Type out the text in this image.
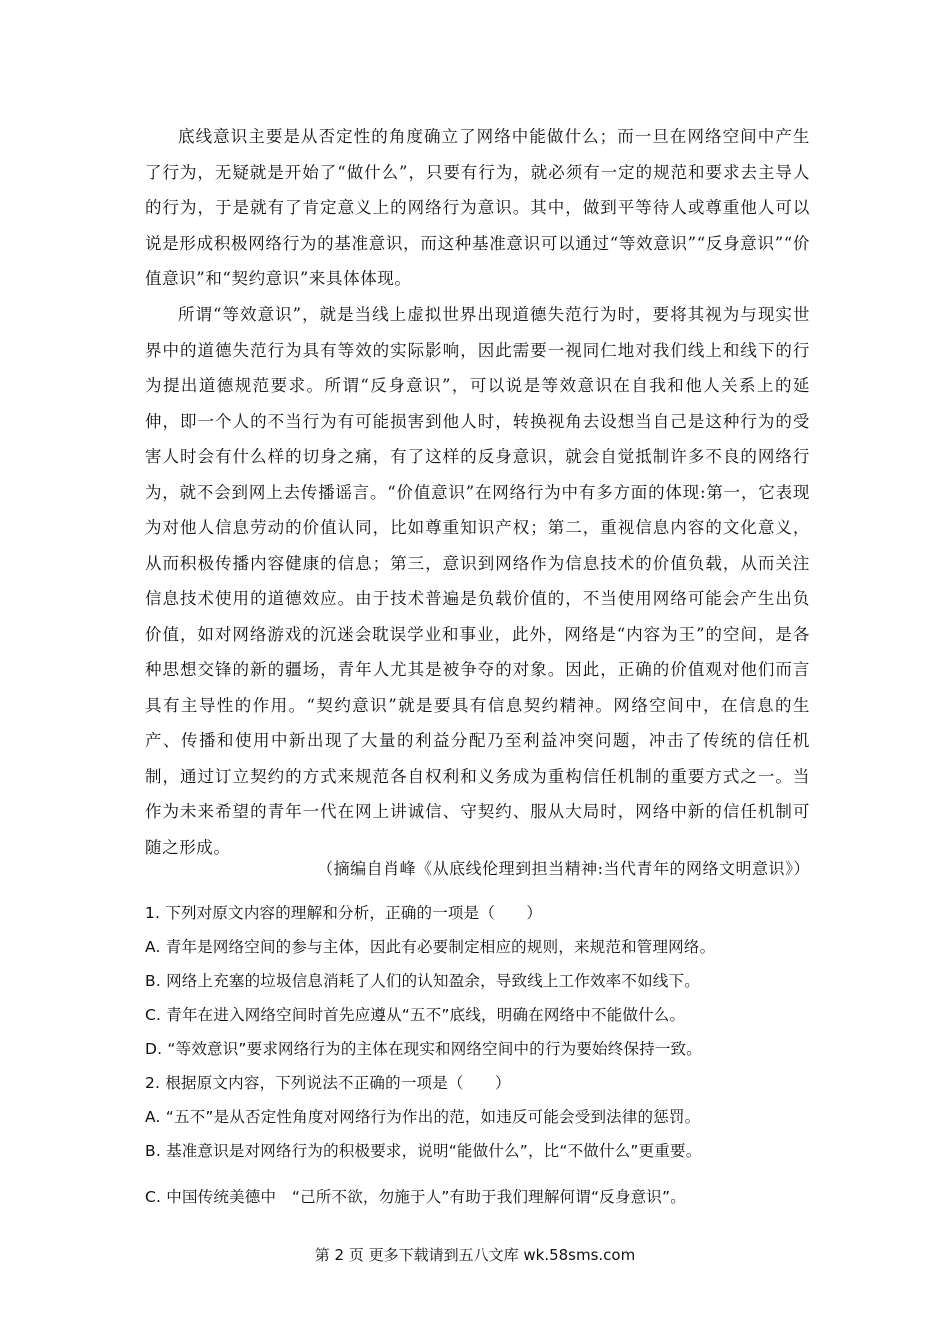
底线意识主要是从否定性的角度确立了网络中能做什么；而一旦在网络空间中产生了行为，无疑就是开始了“做什么”，只要有行为，就必须有一定的规范和要求去主导人的行为，于是就有了肯定意义上的网络行为意识。其中，做到平等待人或尊重他人可以说是形成积极网络行为的基准意识，而这种基准意识可以通过“等效意识”“反身意识”“价值意识”和“契约意识”来具体体现。

所谓“等效意识”，就是当线上虚拟世界出现道德失范行为时，要将其视为与现实世界中的道德失范行为具有等效的实际影响，因此需要一视同仁地对我们线上和线下的行为提出道德规范要求。所谓“反身意识”，可以说是等效意识在自我和他人关系上的延伸，即一个人的不当行为有可能损害到他人时，转换视角去设想当自己是这种行为的受害人时会有什么样的切身之痛，有了这样的反身意识，就会自觉抵制许多不良的网络行为，就不会到网上去传播谣言。“价值意识”在网络行为中有多方面的体现:第一，它表现为对他人信息劳动的价值认同，比如尊重知识产权；第二，重视信息内容的文化意义，从而积极传播内容健康的信息；第三，意识到网络作为信息技术的价值负载，从而关注信息技术使用的道德效应。由于技术普遍是负载价值的，不当使用网络可能会产生出负价值，如对网络游戏的沉迷会耽误学业和事业，此外，网络是“内容为王”的空间，是各种思想交锋的新的疆场，青年人尤其是被争夺的对象。因此，正确的价值观对他们而言具有主导性的作用。“契约意识”就是要具有信息契约精神。网络空间中，在信息的生产、传播和使用中新出现了大量的利益分配乃至利益冲突问题，冲击了传统的信任机制，通过订立契约的方式来规范各自权利和义务成为重构信任机制的重要方式之一。当作为未来希望的青年一代在网上讲诚信、守契约、服从大局时，网络中新的信任机制可随之形成。

（摘编自肖峰《从底线伦理到担当精神:当代青年的网络文明意识》）
1. 下列对原文内容的理解和分析，正确的一项是（　　）
A. 青年是网络空间的参与主体，因此有必要制定相应的规则，来规范和管理网络。
B. 网络上充塞的垃圾信息消耗了人们的认知盈余，导致线上工作效率不如线下。
C. 青年在进入网络空间时首先应遵从“五不”底线，明确在网络中不能做什么。
D. “等效意识”要求网络行为的主体在现实和网络空间中的行为要始终保持一致。
2. 根据原文内容，下列说法不正确的一项是（　　）
A. “五不”是从否定性角度对网络行为作出的范，如违反可能会受到法律的惩罚。
B. 基准意识是对网络行为的积极要求，说明“能做什么”，比“不做什么”更重要。
C. 中国传统美德中　“己所不欲，勿施于人”有助于我们理解何谓“反身意识”。
第 2 页 更多下载请到五八文库 wk.58sms.com
